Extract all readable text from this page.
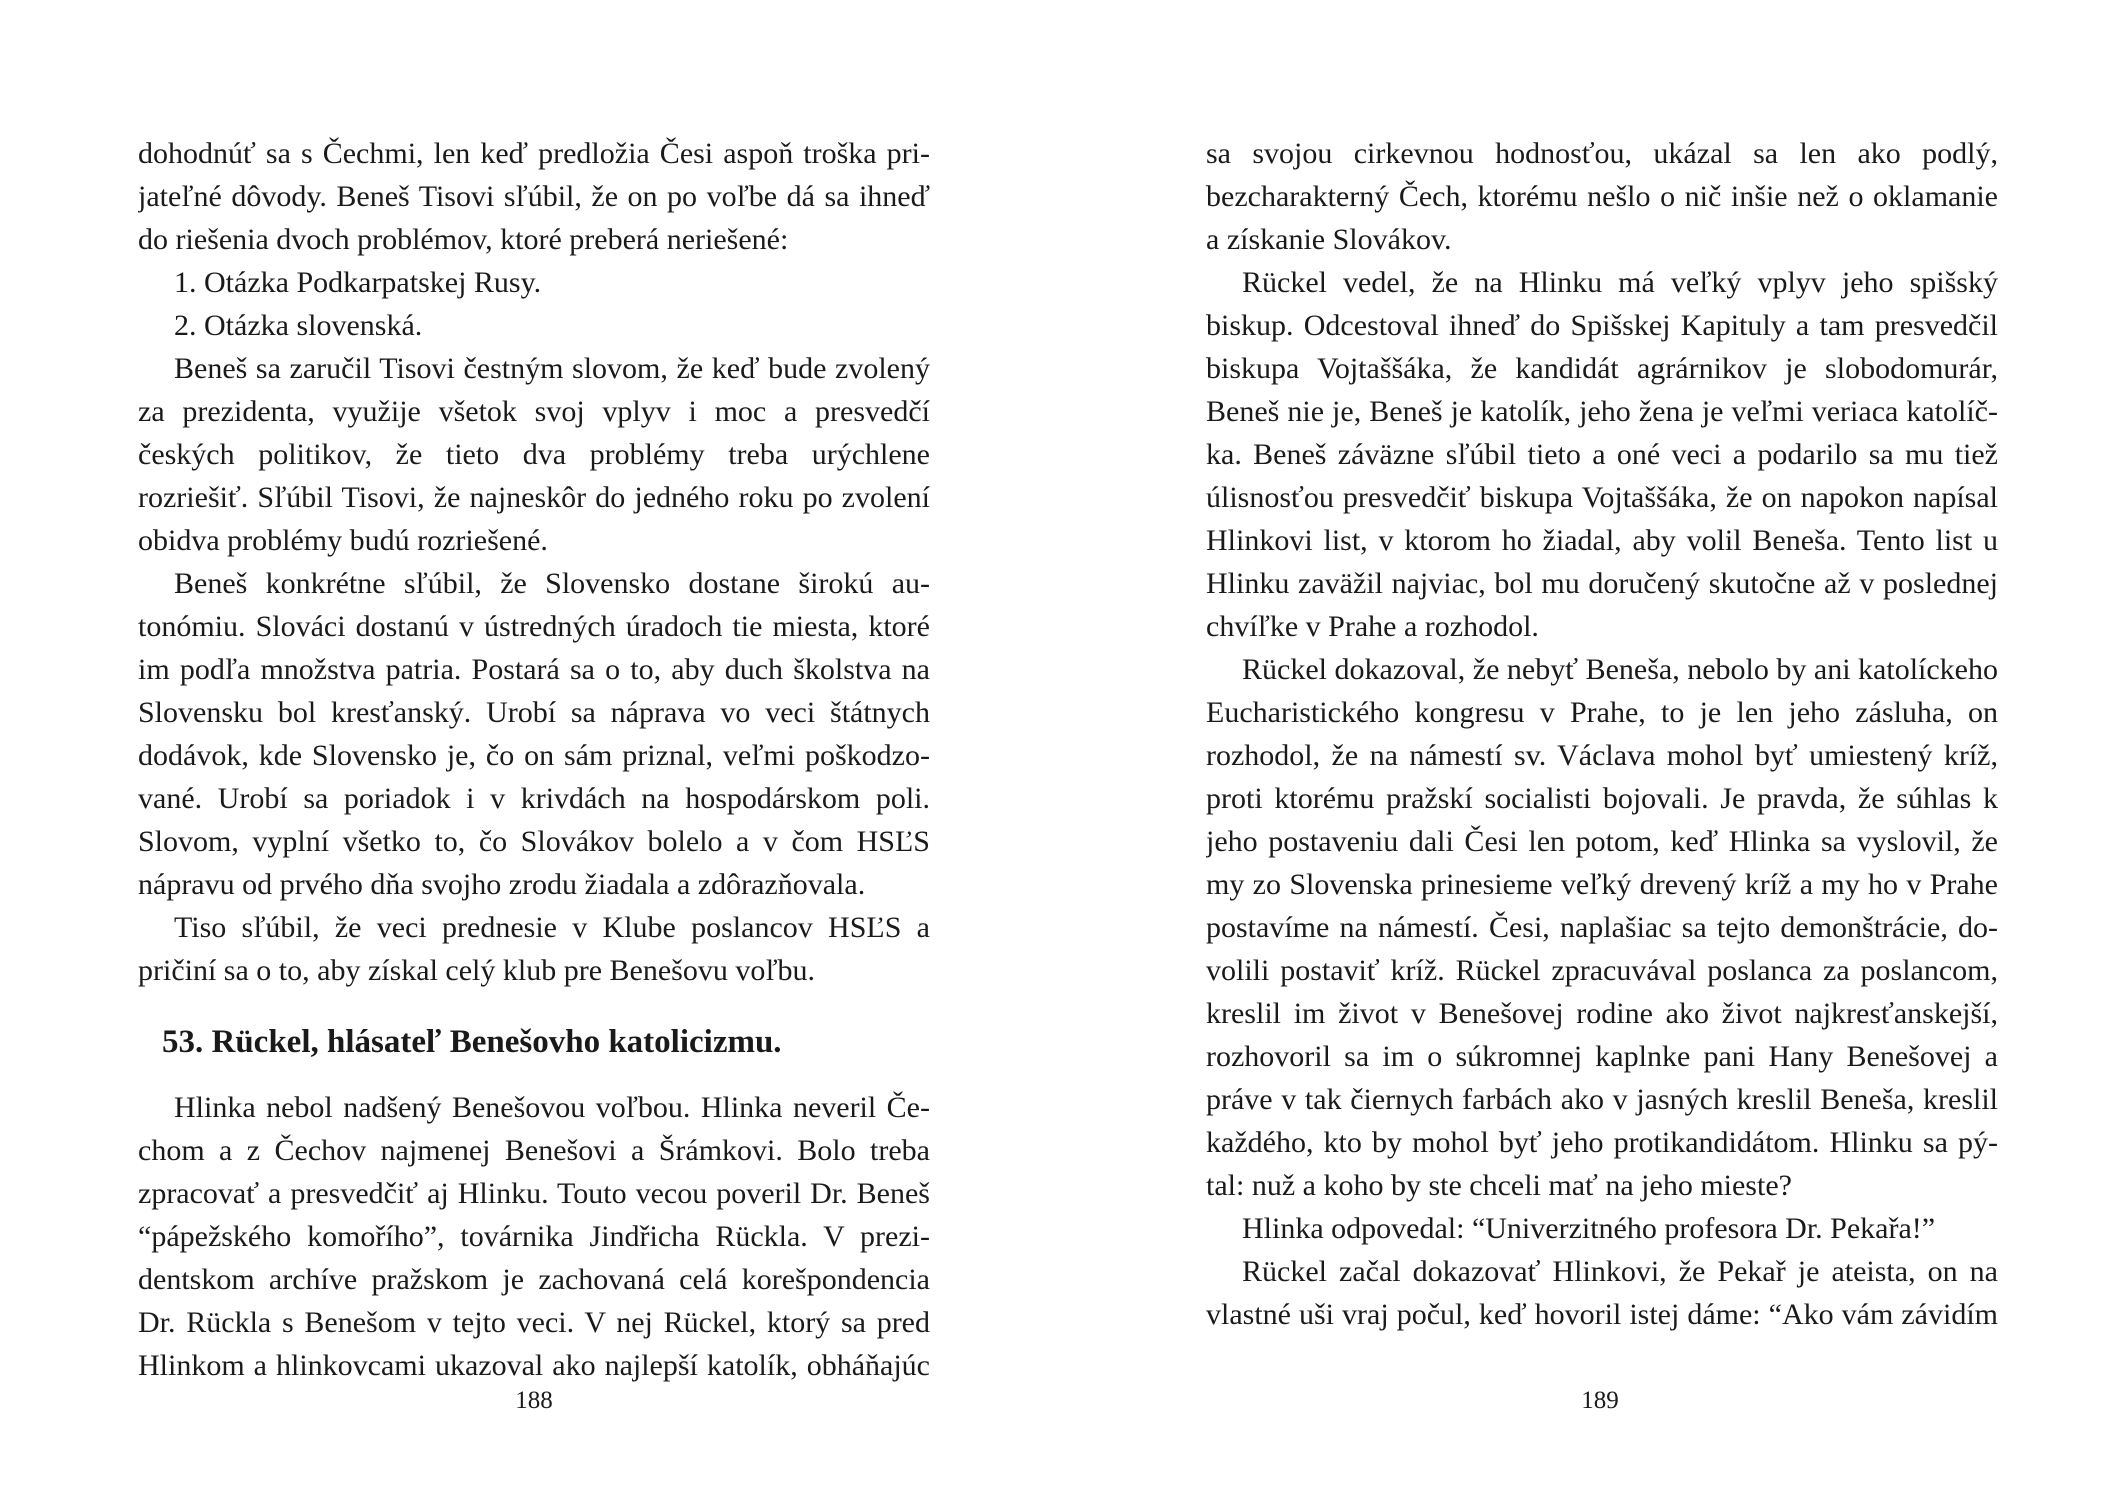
dohodnúť sa s Čechmi, len keď predložia Česi aspoň troška pri-
jateľné dôvody. Beneš Tisovi sľúbil, že on po voľbe dá sa ihneď
do riešenia dvoch problémov, ktoré preberá neriešené:
1. Otázka Podkarpatskej Rusy.
2. Otázka slovenská.
Beneš sa zaručil Tisovi čestným slovom, že keď bude zvolený
za prezidenta, využije všetok svoj vplyv i moc a presvedčí
českých politikov, že tieto dva problémy treba urýchlene
rozriešiť. Sľúbil Tisovi, že najneskôr do jedného roku po zvolení
obidva problémy budú rozriešené.
Beneš konkrétne sľúbil, že Slovensko dostane širokú au-
tonómiu. Slováci dostanú v ústredných úradoch tie miesta, ktoré
im podľa množstva patria. Postará sa o to, aby duch školstva na
Slovensku bol kresťanský. Urobí sa náprava vo veci štátnych
dodávok, kde Slovensko je, čo on sám priznal, veľmi poškodzo-
vané. Urobí sa poriadok i v krivdách na hospodárskom poli.
Slovom, vyplní všetko to, čo Slovákov bolelo a v čom HSĽS
nápravu od prvého dňa svojho zrodu žiadala a zdôrazňovala.
Tiso sľúbil, že veci prednesie v Klube poslancov HSĽS a
pričiní sa o to, aby získal celý klub pre Benešovu voľbu.
53. Rückel, hlásateľ Benešovho katolicizmu.
Hlinka nebol nadšený Benešovou voľbou. Hlinka neveril Če-
chom a z Čechov najmenej Benešovi a Šrámkovi. Bolo treba
zpracovať a presvedčiť aj Hlinku. Toutо vecou poveril Dr. Beneš
“pápežského komořího”, továrnika Jindřicha Rückla. V prezi-
dentskom archíve pražskom je zachovaná celá korešpondencia
Dr. Rückla s Benešom v tejto veci. V nej Rückel, ktorý sa pred
Hlinkom a hlinkovcami ukazoval ako najlepší katolík, obháňajúc
188
sa svojou cirkevnou hodnosťou, ukázal sa len ako podlý,
bezcharakterný Čech, ktorému nešlo o nič inšie než o oklamanie
a získanie Slovákov.
Rückel vedel, že na Hlinku má veľký vplyv jeho spišský
biskup. Odcestoval ihneď do Spišskej Kapituly a tam presvedčil
biskupa Vojtaššáka, že kandidát agrárnikov je slobodomurár,
Beneš nie je, Beneš je katolík, jeho žena je veľmi veriaca katolíč-
ka. Beneš záväzne sľúbil tieto a oné veci a podarilo sa mu tiež
úlisnosťou presvedčiť biskupa Vojtaššáka, že on napokon napísal
Hlinkovi list, v ktorom ho žiadal, aby volil Beneša. Tento list u
Hlinku zaväžil najviac, bol mu doručený skutočne až v poslednej
chvíľke v Prahe a rozhodol.
Rückel dokazoval, že nebyť Beneša, nebolo by ani katolíckeho
Eucharistického kongresu v Prahe, to je len jeho zásluha, on
rozhodol, že na námestí sv. Václava mohol byť umiestený kríž,
proti ktorému pražskí socialisti bojovali. Je pravda, že súhlas k
jeho postaveniu dali Česi len potom, keď Hlinka sa vyslovil, že
my zo Slovenska prinesieme veľký drevený kríž a my ho v Prahe
postavíme na námestí. Česi, naplašiac sa tejto demonštrácie, do-
volili postaviť kríž. Rückel zpracuvával poslanca za poslancom,
kreslil im život v Benešovej rodine ako život najkresťanskejší,
rozhovoril sa im o súkromnej kaplnke pani Hany Benešovej a
práve v tak čiernych farbách ako v jasných kreslil Beneša, kreslil
každého, kto by mohol byť jeho protikandidátom. Hlinku sa pý-
tal: nuž a koho by ste chceli mať na jeho mieste?
Hlinka odpovedal: “Univerzitného profesora Dr. Pekařa!”
Rückel začal dokazovať Hlinkovi, že Pekař je ateista, on na
vlastné uši vraj počul, keď hovoril istej dáme: “Ako vám závidím
189
